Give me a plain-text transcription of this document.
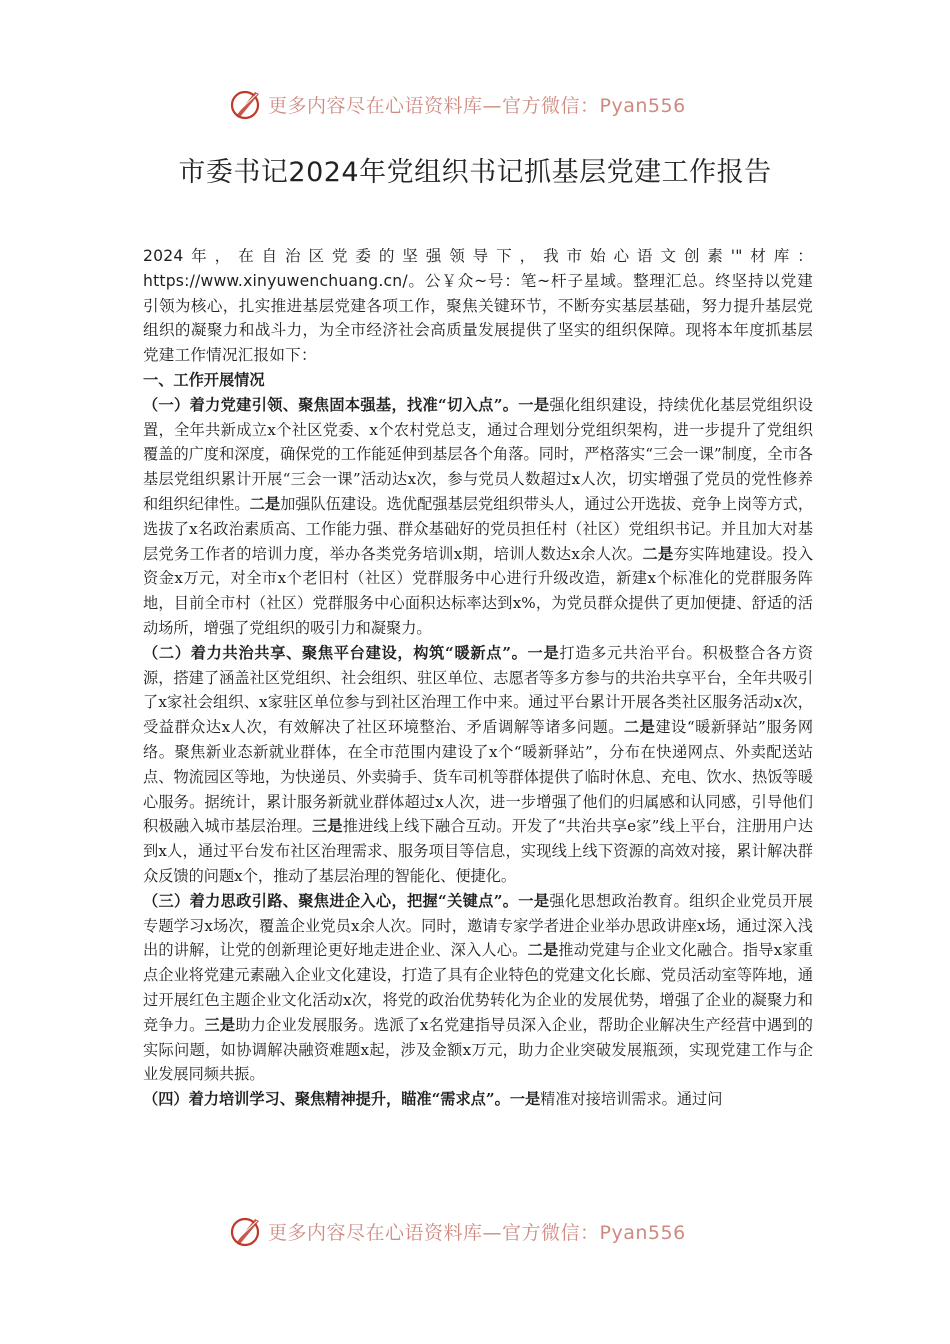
更多内容尽在心语资料库—官方微信：Pyan556
市委书记2024年党组织书记抓基层党建工作报告

2024年，在自治区党委的坚强领导下，我市始心语文创素'"材库：https://www.xinyuwenchuang.cn/。公￥众~号：笔~杆子星域。整理汇总。终坚持以党建引领为核心，扎实推进基层党建各项工作，聚焦关键环节，不断夯实基层基础，努力提升基层党组织的凝聚力和战斗力，为全市经济社会高质量发展提供了坚实的组织保障。现将本年度抓基层党建工作情况汇报如下：

一、工作开展情况

（一）着力党建引领、聚焦固本强基，找准“切入点”。一是强化组织建设，持续优化基层党组织设置，全年共新成立x个社区党委、x个农村党总支，通过合理划分党组织架构，进一步提升了党组织覆盖的广度和深度，确保党的工作能延伸到基层各个角落。同时，严格落实“三会一课”制度，全市各基层党组织累计开展“三会一课”活动达x次，参与党员人数超过x人次，切实增强了党员的党性修养和组织纪律性。二是加强队伍建设。选优配强基层党组织带头人，通过公开选拔、竞争上岗等方式，选拔了x名政治素质高、工作能力强、群众基础好的党员担任村（社区）党组织书记。并且加大对基层党务工作者的培训力度，举办各类党务培训x期，培训人数达x余人次。二是夯实阵地建设。投入资金x万元，对全市x个老旧村（社区）党群服务中心进行升级改造，新建x个标准化的党群服务阵地，目前全市村（社区）党群服务中心面积达标率达到x%，为党员群众提供了更加便捷、舒适的活动场所，增强了党组织的吸引力和凝聚力。

（二）着力共治共享、聚焦平台建设，构筑“暖新点”。一是打造多元共治平台。积极整合各方资源，搭建了涵盖社区党组织、社会组织、驻区单位、志愿者等多方参与的共治共享平台，全年共吸引了x家社会组织、x家驻区单位参与到社区治理工作中来。通过平台累计开展各类社区服务活动x次，受益群众达x人次，有效解决了社区环境整治、矛盾调解等诸多问题。二是建设“暖新驿站”服务网络。聚焦新业态新就业群体，在全市范围内建设了x个“暖新驿站”，分布在快递网点、外卖配送站点、物流园区等地，为快递员、外卖骑手、货车司机等群体提供了临时休息、充电、饮水、热饭等暖心服务。据统计，累计服务新就业群体超过x人次，进一步增强了他们的归属感和认同感，引导他们积极融入城市基层治理。三是推进线上线下融合互动。开发了“共治共享e家”线上平台，注册用户达到x人，通过平台发布社区治理需求、服务项目等信息，实现线上线下资源的高效对接，累计解决群众反馈的问题x个，推动了基层治理的智能化、便捷化。

（三）着力思政引路、聚焦进企入心，把握“关键点”。一是强化思想政治教育。组织企业党员开展专题学习x场次，覆盖企业党员x余人次。同时，邀请专家学者进企业举办思政讲座x场，通过深入浅出的讲解，让党的创新理论更好地走进企业、深入人心。二是推动党建与企业文化融合。指导x家重点企业将党建元素融入企业文化建设，打造了具有企业特色的党建文化长廊、党员活动室等阵地，通过开展红色主题企业文化活动x次，将党的政治优势转化为企业的发展优势，增强了企业的凝聚力和竞争力。三是助力企业发展服务。选派了x名党建指导员深入企业，帮助企业解决生产经营中遇到的实际问题，如协调解决融资难题x起，涉及金额x万元，助力企业突破发展瓶颈，实现党建工作与企业发展同频共振。

（四）着力培训学习、聚焦精神提升，瞄准“需求点”。一是精准对接培训需求。通过问

更多内容尽在心语资料库—官方微信：Pyan556
